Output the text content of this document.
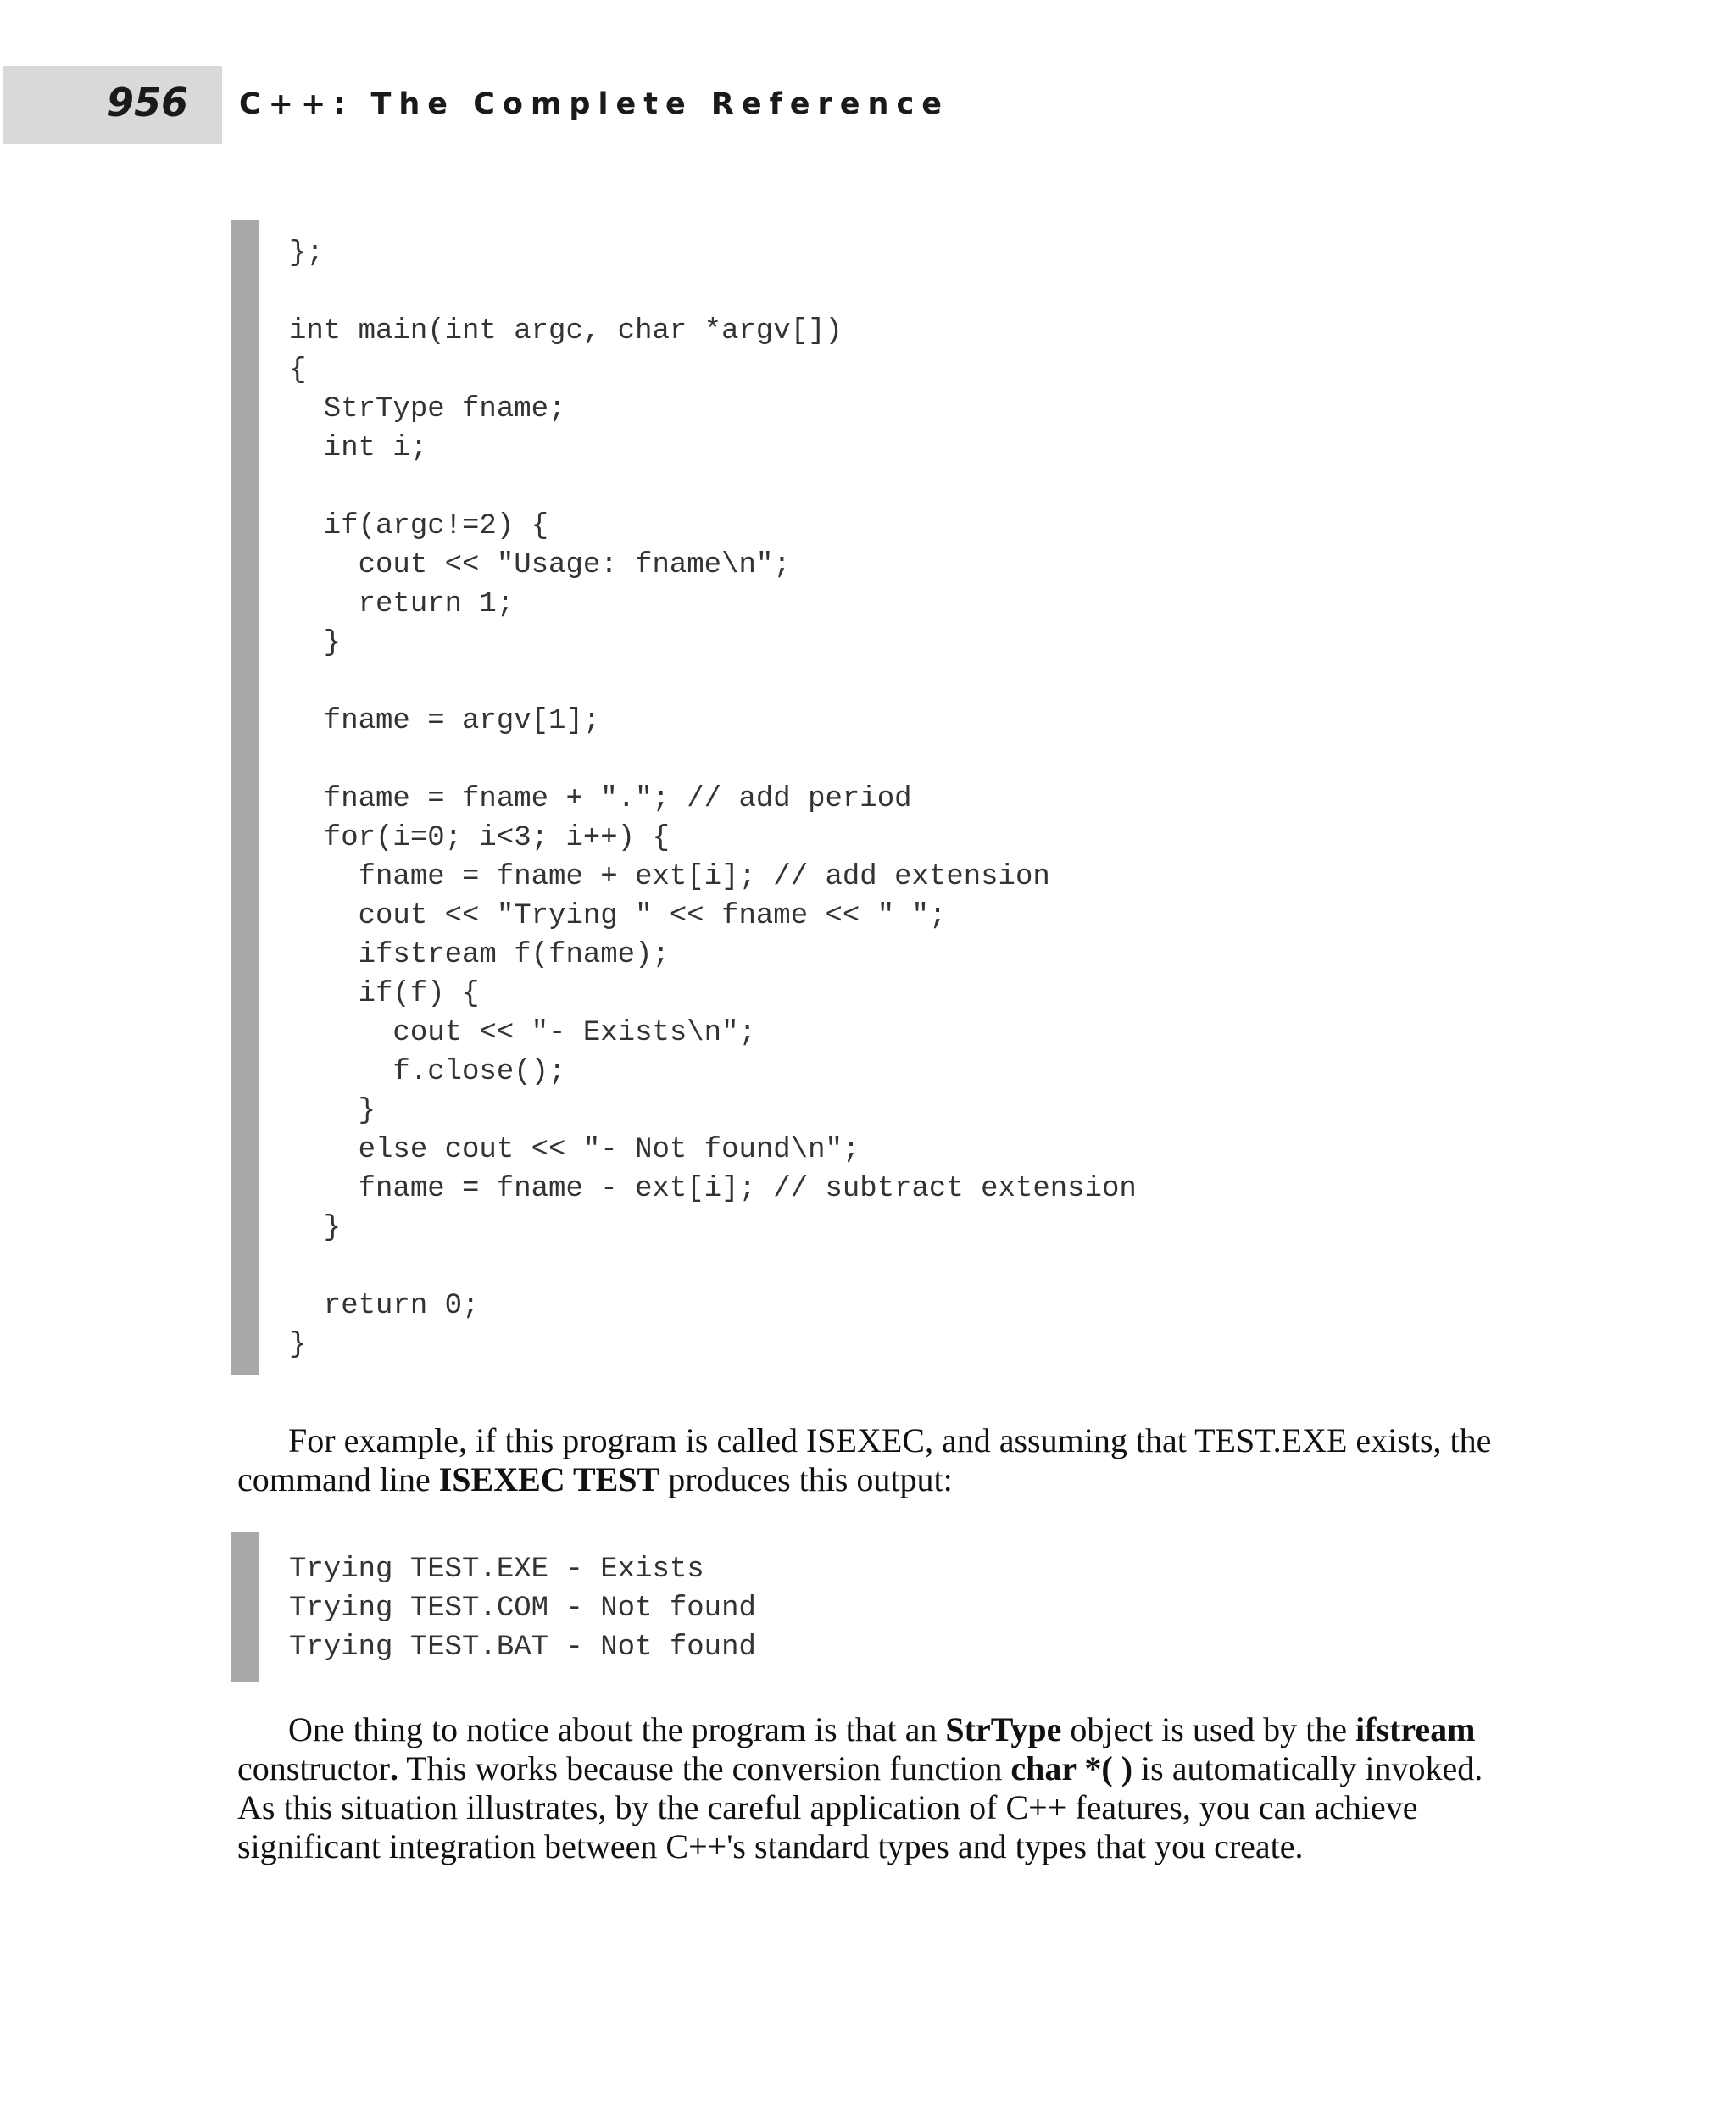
956 C++: The Complete Reference
};

int main(int argc, char *argv[])
{
StrType fname;
int i;

if(argc!=2) {
cout << "Usage: fname\n";
return 1;
}

fname = argv[1];

fname = fname + "."; // add period
for(i=0; i<3; i++) {
fname = fname + ext[i]; // add extension
cout << "Trying " << fname << " ";
ifstream f(fname);
if(f) {
cout << "- Exists\n";
f.close();
}
else cout << "- Not found\n";
fname = fname - ext[i]; // subtract extension
}

return 0;
}

For example, if this program is called ISEXEC, and assuming that TEST.EXE exists, the command line ISEXEC TEST produces this output:

Trying TEST.EXE - Exists
Trying TEST.COM - Not found
Trying TEST.BAT - Not found

One thing to notice about the program is that an StrType object is used by the ifstream constructor. This works because the conversion function char *( ) is automatically invoked. As this situation illustrates, by the careful application of C++ features, you can achieve significant integration between C++'s standard types and types that you create.
